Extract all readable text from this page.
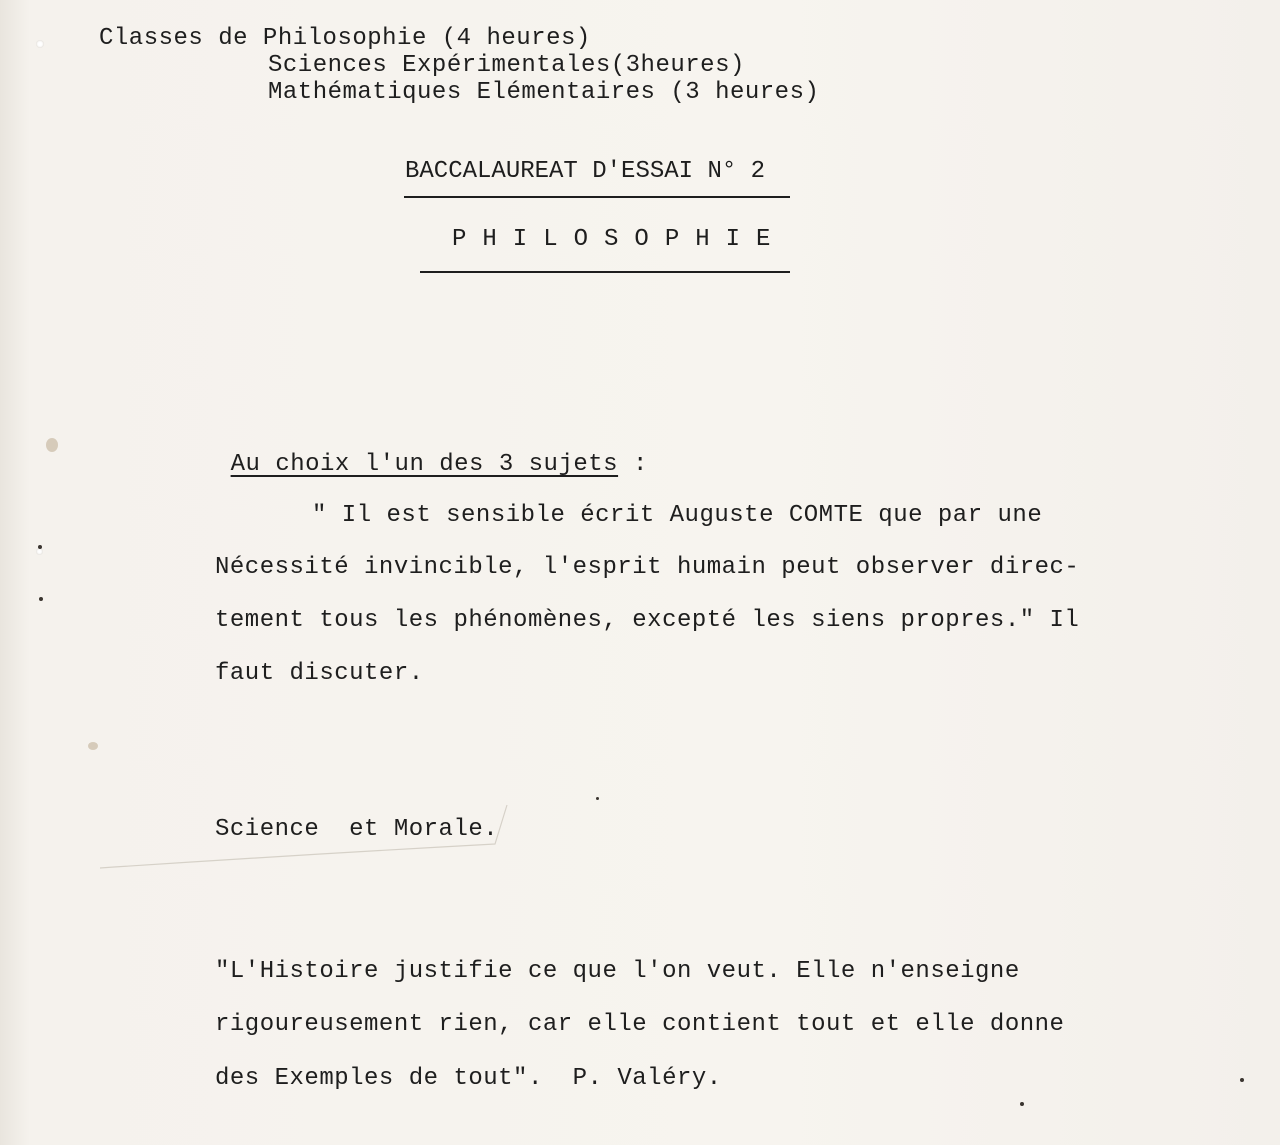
Classes de Philosophie (4 heures)
Sciences Expérimentales(3heures)
Mathématiques Elémentaires (3 heures)
BACCALAUREAT D'ESSAI N° 2
P H I L O S O P H I E

Au choix l'un des 3 sujets :

" Il est sensible écrit Auguste COMTE que par une
Nécessité invincible, l'esprit humain peut observer direc-
tement tous les phénomènes, excepté les siens propres." Il
faut discuter.
Science  et Morale.
"L'Histoire justifie ce que l'on veut. Elle n'enseigne
rigoureusement rien, car elle contient tout et elle donne
des Exemples de tout".  P. Valéry.
